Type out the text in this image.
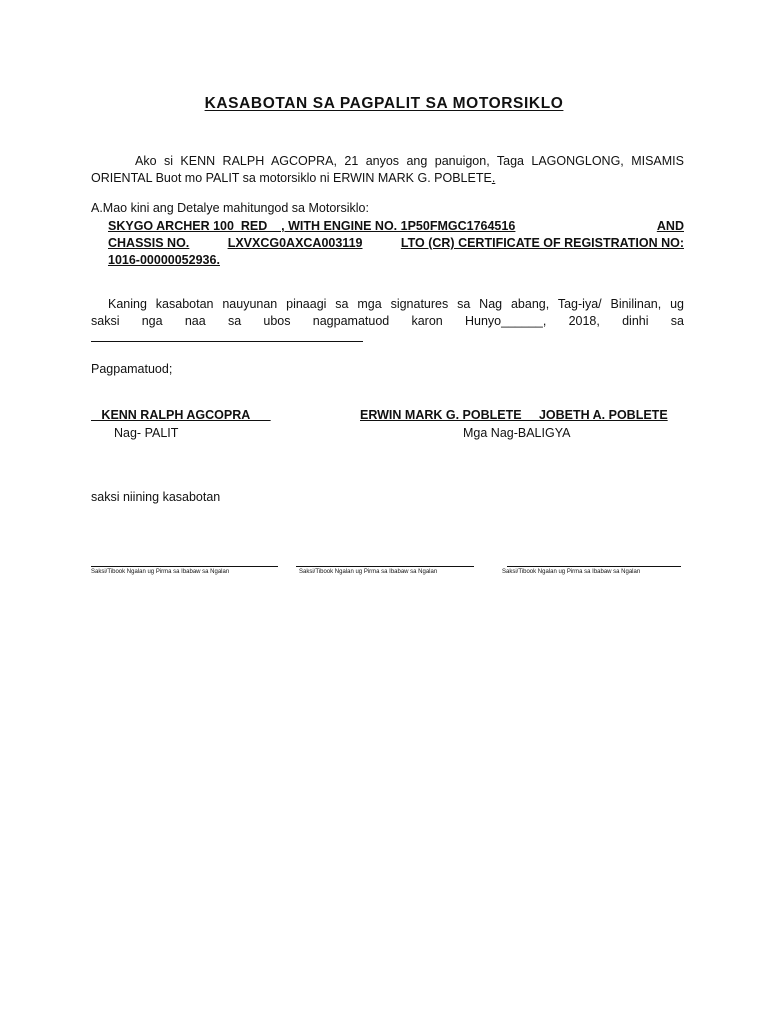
KASABOTAN SA PAGPALIT SA MOTORSIKLO
Ako si KENN RALPH AGCOPRA, 21 anyos ang panuigon, Taga LAGONGLONG, MISAMIS
ORIENTAL Buot mo PALIT sa motorsiklo ni ERWIN MARK G. POBLETE.
A.Mao kini ang Detalye mahitungod sa Motorsiklo:
SKYGO ARCHER 100  RED    , WITH ENGINE NO. 1P50FMGC1764516	AND
CHASSIS NO.	LXVXCG0AXCA003119	LTO (CR) CERTIFICATE OF REGISTRATION NO:
1016-00000052936.
Kaning kasabotan nauyunan pinaagi sa mga signatures sa Nag abang, Tag-iya/ Binilinan, ug
saksi nga naa sa ubos nagpamatuod karon Hunyo______, 2018, dinhi sa
Pagpamatuod;
KENN RALPH AGCOPRA	ERWIN MARK G. POBLETE     JOBETH A. POBLETE
Nag- PALIT	Mga Nag-BALIGYA
saksi niining kasabotan
Saksi/Tibook Ngalan ug Pirma sa Ibabaw sa Ngalan	Saksi/Tibook Ngalan ug Pirma sa Ibabaw sa Ngalan	Saksi/Tibook Ngalan ug Pirma sa Ibabaw sa Ngalan
